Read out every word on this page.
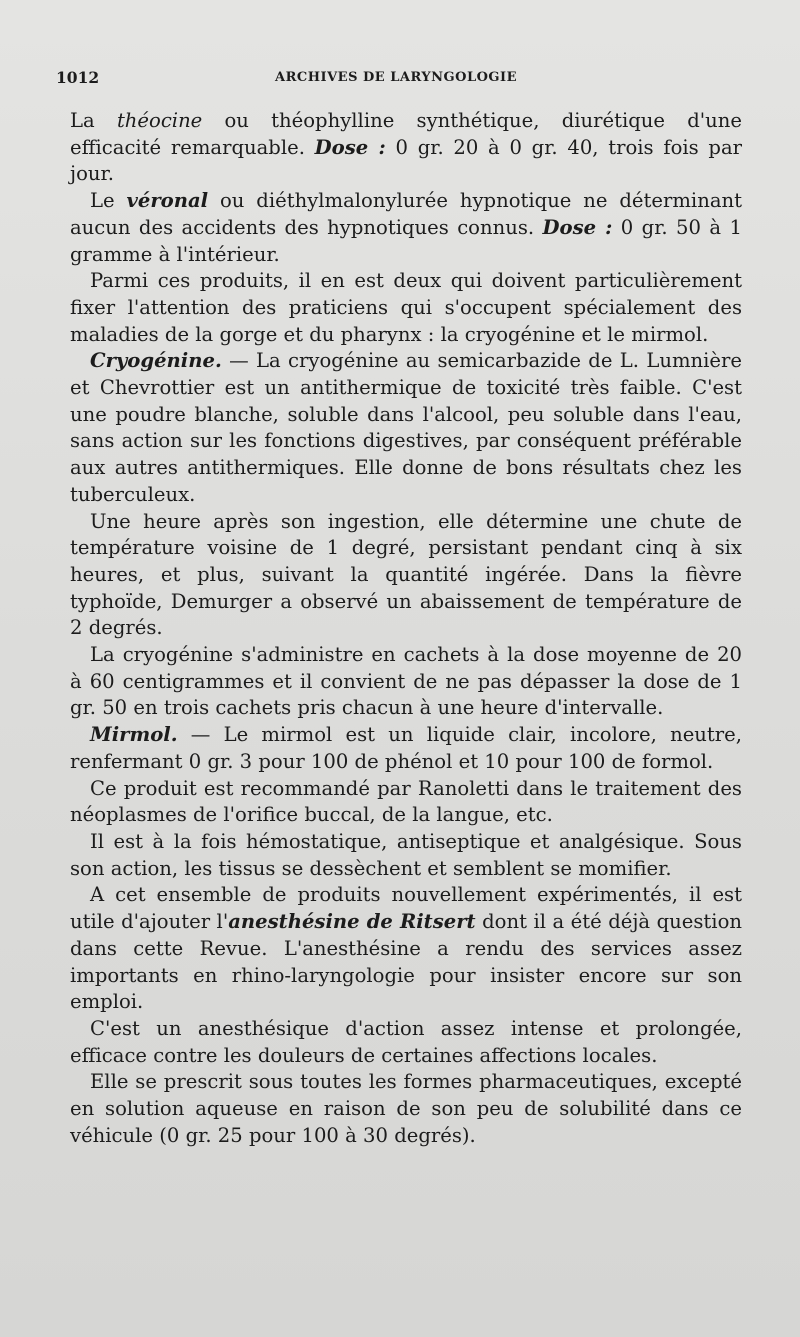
1012	ARCHIVES DE LARYNGOLOGIE

La théocine ou théophylline synthétique, diurétique d'une efficacité remarquable. Dose : 0 gr. 20 à 0 gr. 40, trois fois par jour.

Le véronal ou diéthylmalonylurée hypnotique ne déterminant aucun des accidents des hypnotiques connus. Dose : 0 gr. 50 à 1 gramme à l'intérieur.

Parmi ces produits, il en est deux qui doivent particulièrement fixer l'attention des praticiens qui s'occupent spécialement des maladies de la gorge et du pharynx : la cryogénine et le mirmol.

Cryogénine. — La cryogénine au semicarbazide de L. Lumnière et Chevrottier est un antithermique de toxicité très faible. C'est une poudre blanche, soluble dans l'alcool, peu soluble dans l'eau, sans action sur les fonctions digestives, par conséquent préférable aux autres antithermiques. Elle donne de bons résultats chez les tuberculeux.

Une heure après son ingestion, elle détermine une chute de température voisine de 1 degré, persistant pendant cinq à six heures, et plus, suivant la quantité ingérée. Dans la fièvre typhoïde, Demurger a observé un abaissement de température de 2 degrés.

La cryogénine s'administre en cachets à la dose moyenne de 20 à 60 centigrammes et il convient de ne pas dépasser la dose de 1 gr. 50 en trois cachets pris chacun à une heure d'intervalle.

Mirmol. — Le mirmol est un liquide clair, incolore, neutre, renfermant 0 gr. 3 pour 100 de phénol et 10 pour 100 de formol.

Ce produit est recommandé par Ranoletti dans le traitement des néoplasmes de l'orifice buccal, de la langue, etc.

Il est à la fois hémostatique, antiseptique et analgésique. Sous son action, les tissus se dessèchent et semblent se momifier.

A cet ensemble de produits nouvellement expérimentés, il est utile d'ajouter l'anesthésine de Ritsert dont il a été déjà question dans cette Revue. L'anesthésine a rendu des services assez importants en rhino-laryngologie pour insister encore sur son emploi.

C'est un anesthésique d'action assez intense et prolongée, efficace contre les douleurs de certaines affections locales.

Elle se prescrit sous toutes les formes pharmaceutiques, excepté en solution aqueuse en raison de son peu de solubilité dans ce véhicule (0 gr. 25 pour 100 à 30 degrés).
